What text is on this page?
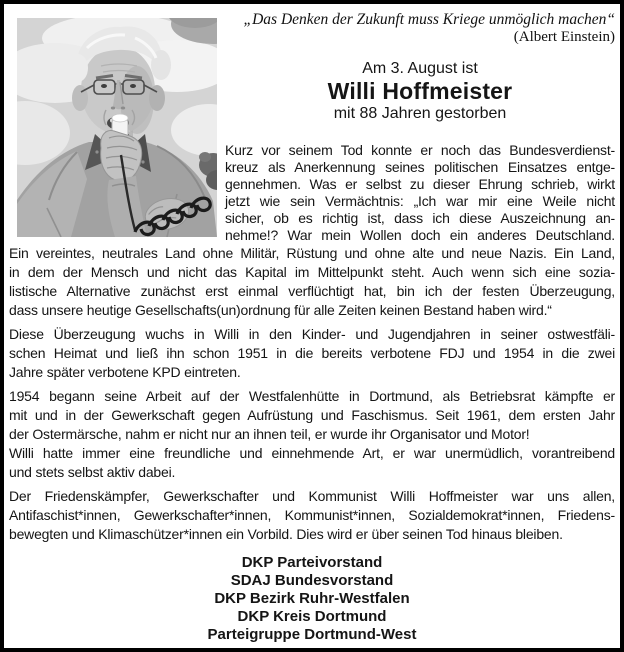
„Das Denken der Zukunft muss Kriege unmöglich machen“
(Albert Einstein)
Am 3. August ist
Willi Hoffmeister
mit 88 Jahren gestorben
Kurz vor seinem Tod konnte er noch das Bundesverdienst-
kreuz als Anerkennung seines politischen Einsatzes entge-
gennehmen. Was er selbst zu dieser Ehrung schrieb, wirkt
jetzt wie sein Vermächtnis: „Ich war mir eine Weile nicht
sicher, ob es richtig ist, dass ich diese Auszeichnung an-
nehme!? War mein Wollen doch ein anderes Deutschland.
Ein vereintes, neutrales Land ohne Militär, Rüstung und ohne alte und neue Nazis. Ein Land,
in dem der Mensch und nicht das Kapital im Mittelpunkt steht. Auch wenn sich eine sozia-
listische Alternative zunächst erst einmal verflüchtigt hat, bin ich der festen Überzeugung,
dass unsere heutige Gesellschafts(un)ordnung für alle Zeiten keinen Bestand haben wird.“
Diese Überzeugung wuchs in Willi in den Kinder- und Jugendjahren in seiner ostwestfäli-
schen Heimat und ließ ihn schon 1951 in die bereits verbotene FDJ und 1954 in die zwei
Jahre später verbotene KPD eintreten.
1954 begann seine Arbeit auf der Westfalenhütte in Dortmund, als Betriebsrat kämpfte er
mit und in der Gewerkschaft gegen Aufrüstung und Faschismus. Seit 1961, dem ersten Jahr
der Ostermärsche, nahm er nicht nur an ihnen teil, er wurde ihr Organisator und Motor!
Willi hatte immer eine freundliche und einnehmende Art, er war unermüdlich, vorantreibend
und stets selbst aktiv dabei.
Der Friedenskämpfer, Gewerkschafter und Kommunist Willi Hoffmeister war uns allen,
Antifaschist*innen, Gewerkschafter*innen, Kommunist*innen, Sozialdemokrat*innen, Friedens-
bewegten und Klimaschützer*innen ein Vorbild. Dies wird er über seinen Tod hinaus bleiben.
DKP Parteivorstand
SDAJ Bundesvorstand
DKP Bezirk Ruhr-Westfalen
DKP Kreis Dortmund
Parteigruppe Dortmund-West
